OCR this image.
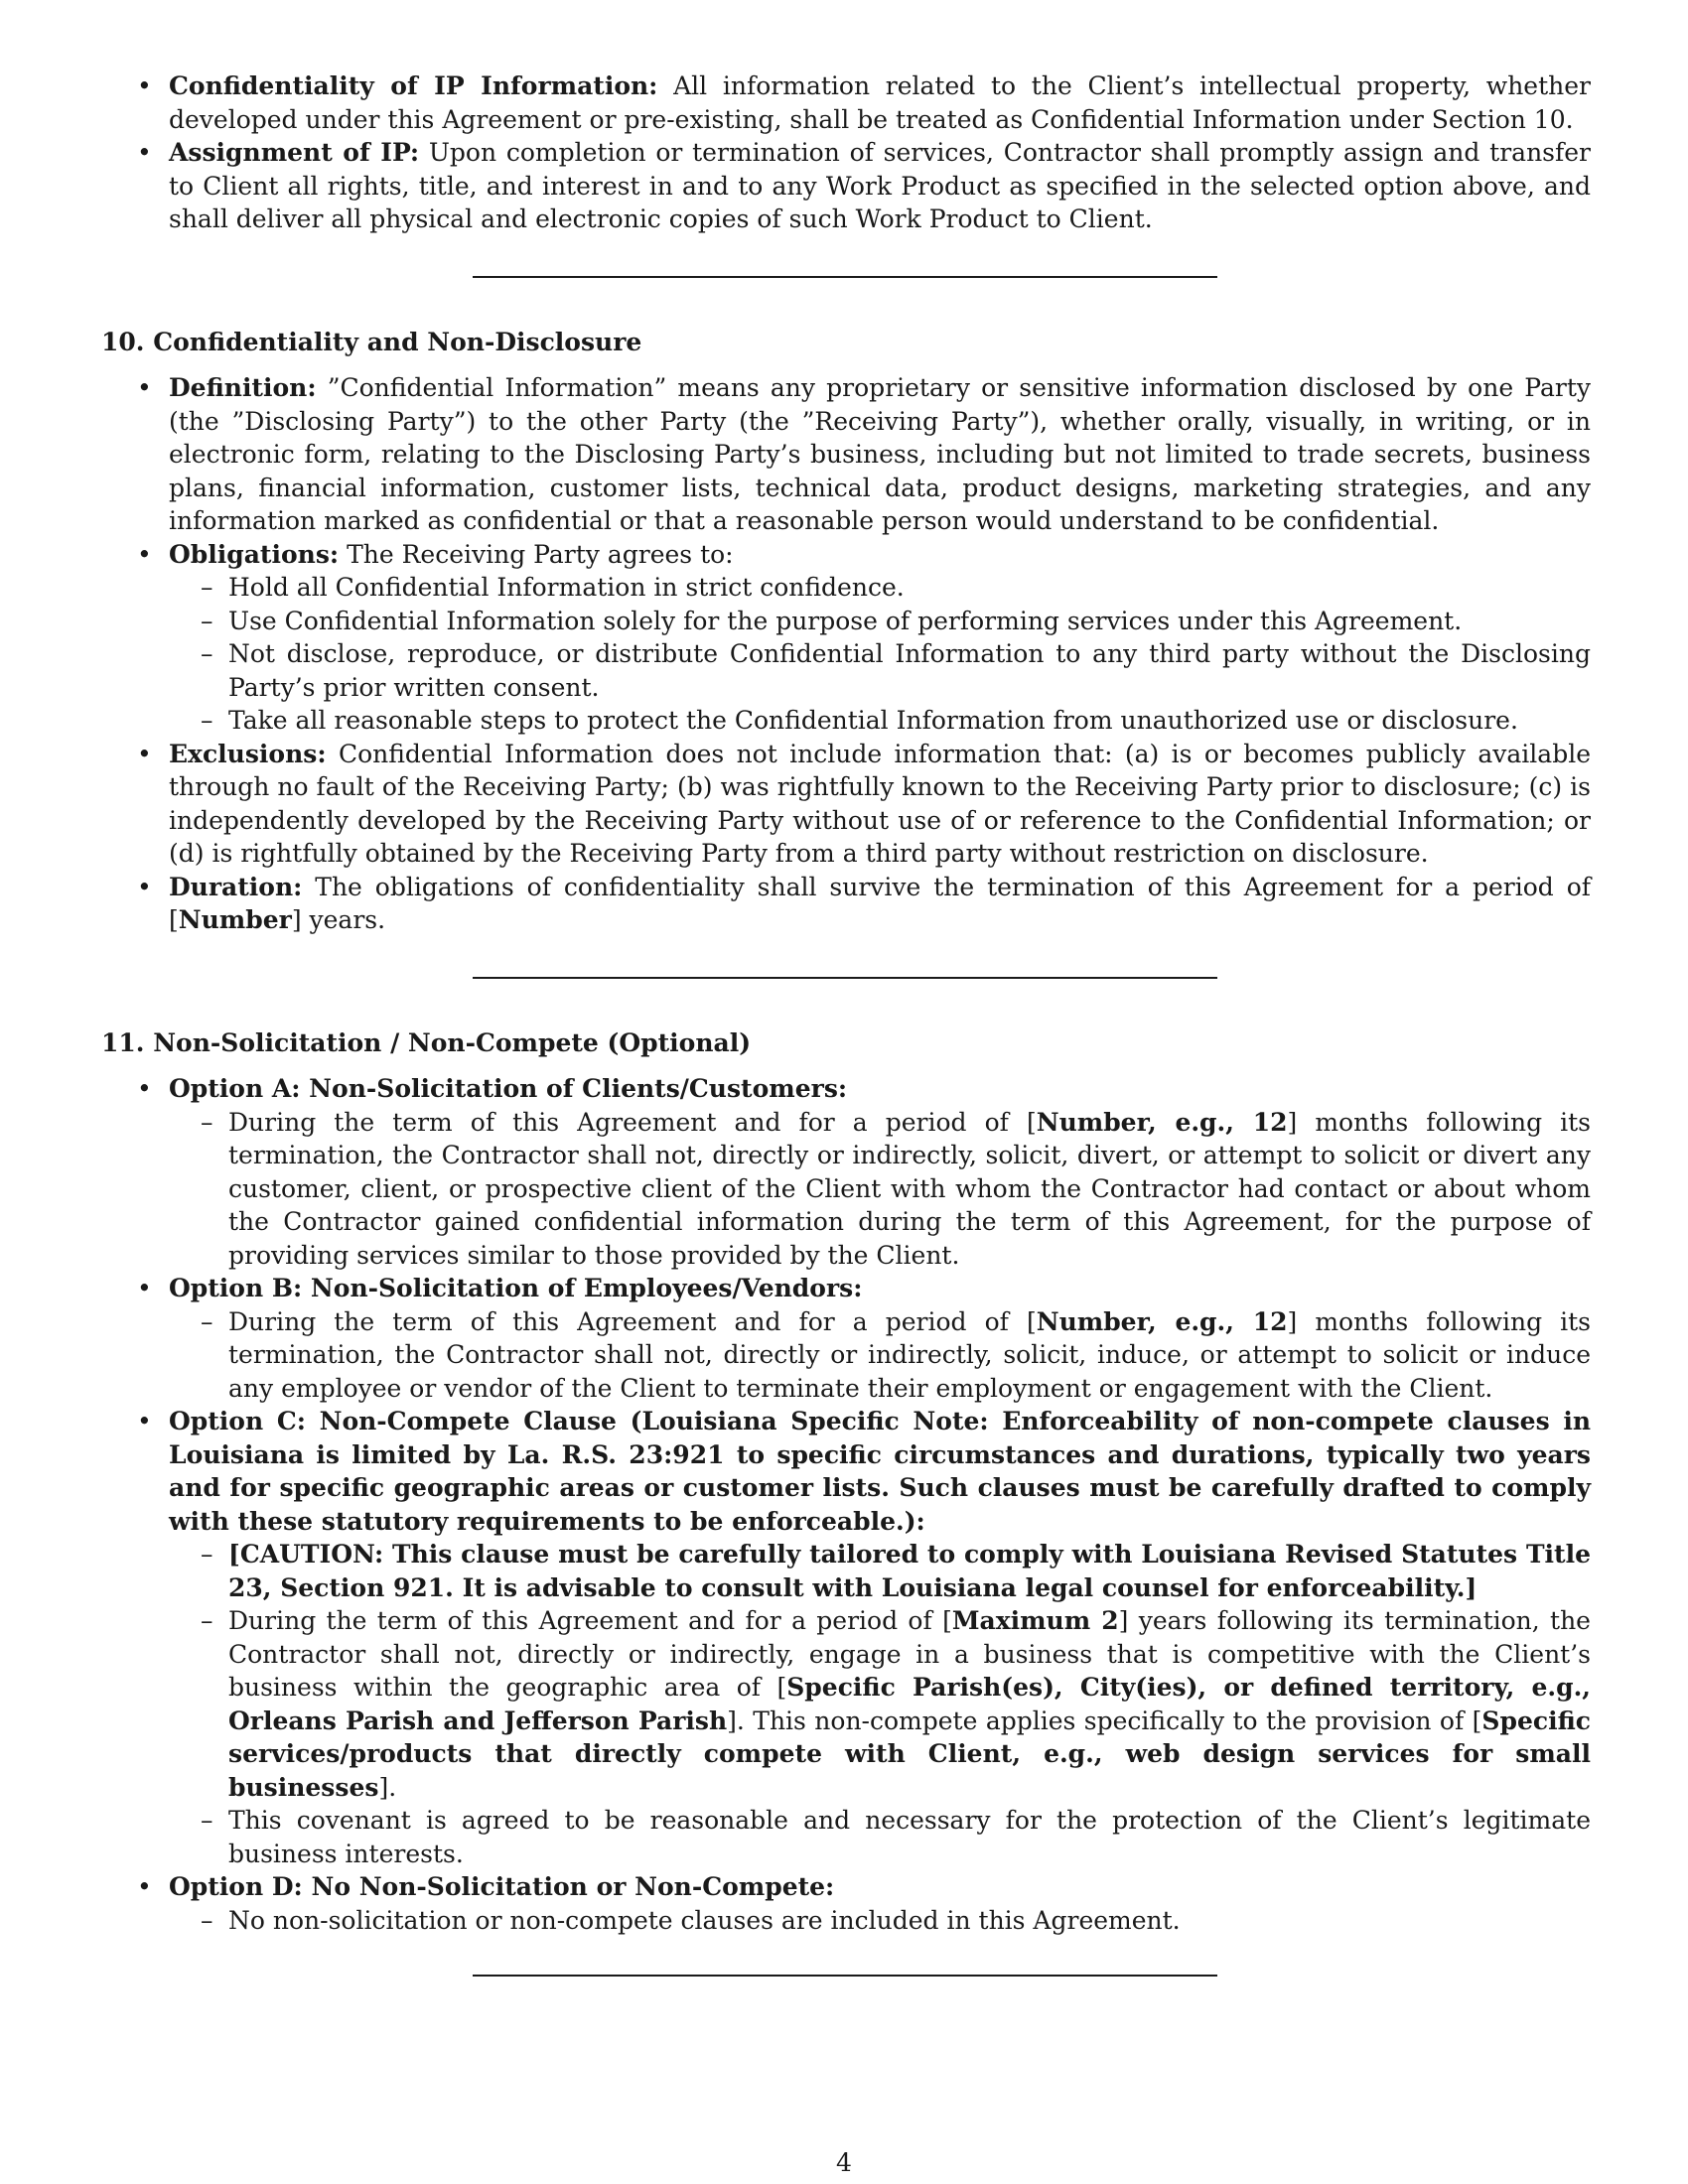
• Confidentiality of IP Information: All information related to the Client’s intellectual property, whether developed under this Agreement or pre-existing, shall be treated as Confidential Information under Section 10.
• Assignment of IP: Upon completion or termination of services, Contractor shall promptly assign and transfer to Client all rights, title, and interest in and to any Work Product as specified in the selected option above, and shall deliver all physical and electronic copies of such Work Product to Client.
10. Confidentiality and Non-Disclosure
• Definition: ”Confidential Information” means any proprietary or sensitive information disclosed by one Party (the ”Disclosing Party”) to the other Party (the ”Receiving Party”), whether orally, visually, in writing, or in electronic form, relating to the Disclosing Party’s business, including but not limited to trade secrets, business plans, financial information, customer lists, technical data, product designs, marketing strategies, and any information marked as confidential or that a reasonable person would understand to be confidential.
• Obligations: The Receiving Party agrees to:
– Hold all Confidential Information in strict confidence.
– Use Confidential Information solely for the purpose of performing services under this Agreement.
– Not disclose, reproduce, or distribute Confidential Information to any third party without the Disclosing Party’s prior written consent.
– Take all reasonable steps to protect the Confidential Information from unauthorized use or disclosure.
• Exclusions: Confidential Information does not include information that: (a) is or becomes publicly available through no fault of the Receiving Party; (b) was rightfully known to the Receiving Party prior to disclosure; (c) is independently developed by the Receiving Party without use of or reference to the Confidential Information; or (d) is rightfully obtained by the Receiving Party from a third party without restriction on disclosure.
• Duration: The obligations of confidentiality shall survive the termination of this Agreement for a period of [Number] years.
11. Non-Solicitation / Non-Compete (Optional)
• Option A: Non-Solicitation of Clients/Customers:
– During the term of this Agreement and for a period of [Number, e.g., 12] months following its termination, the Contractor shall not, directly or indirectly, solicit, divert, or attempt to solicit or divert any customer, client, or prospective client of the Client with whom the Contractor had contact or about whom the Contractor gained confidential information during the term of this Agreement, for the purpose of providing services similar to those provided by the Client.
• Option B: Non-Solicitation of Employees/Vendors:
– During the term of this Agreement and for a period of [Number, e.g., 12] months following its termination, the Contractor shall not, directly or indirectly, solicit, induce, or attempt to solicit or induce any employee or vendor of the Client to terminate their employment or engagement with the Client.
• Option C: Non-Compete Clause (Louisiana Specific Note: Enforceability of non-compete clauses in Louisiana is limited by La. R.S. 23:921 to specific circumstances and durations, typically two years and for specific geographic areas or customer lists. Such clauses must be carefully drafted to comply with these statutory requirements to be enforceable.):
– [CAUTION: This clause must be carefully tailored to comply with Louisiana Revised Statutes Title 23, Section 921. It is advisable to consult with Louisiana legal counsel for enforceability.]
– During the term of this Agreement and for a period of [Maximum 2] years following its termination, the Contractor shall not, directly or indirectly, engage in a business that is competitive with the Client’s business within the geographic area of [Specific Parish(es), City(ies), or defined territory, e.g., Orleans Parish and Jefferson Parish]. This non-compete applies specifically to the provision of [Specific services/products that directly compete with Client, e.g., web design services for small businesses].
– This covenant is agreed to be reasonable and necessary for the protection of the Client’s legitimate business interests.
• Option D: No Non-Solicitation or Non-Compete:
– No non-solicitation or non-compete clauses are included in this Agreement.
4
